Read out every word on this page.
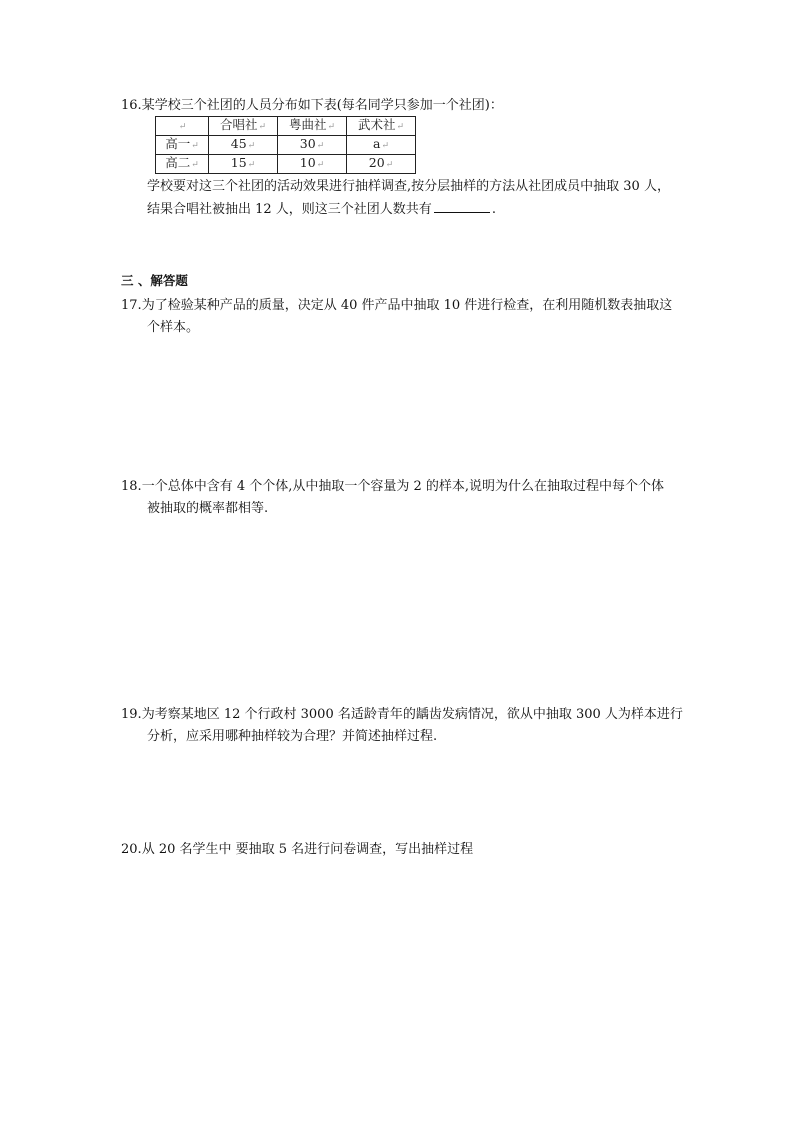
16.某学校三个社团的人员分布如下表(每名同学只参加一个社团)：

↵	合唱社↵	粤曲社↵	武术社↵
高一↵	45↵	30↵	a↵
高二↵	15↵	10↵	20↵

学校要对这三个社团的活动效果进行抽样调查,按分层抽样的方法从社团成员中抽取 30 人，

结果合唱社被抽出 12 人，则这三个社团人数共有	.

三 、解答题

17.为了检验某种产品的质量，决定从 40 件产品中抽取 10 件进行检查，在利用随机数表抽取这

个样本。

18.一个总体中含有 4 个个体,从中抽取一个容量为 2 的样本,说明为什么在抽取过程中每个个体

被抽取的概率都相等.

19.为考察某地区 12 个行政村 3000 名适龄青年的龋齿发病情况，欲从中抽取 300 人为样本进行

分析，应采用哪种抽样较为合理？并简述抽样过程.

20.从 20 名学生中 要抽取 5 名进行问卷调查，写出抽样过程
